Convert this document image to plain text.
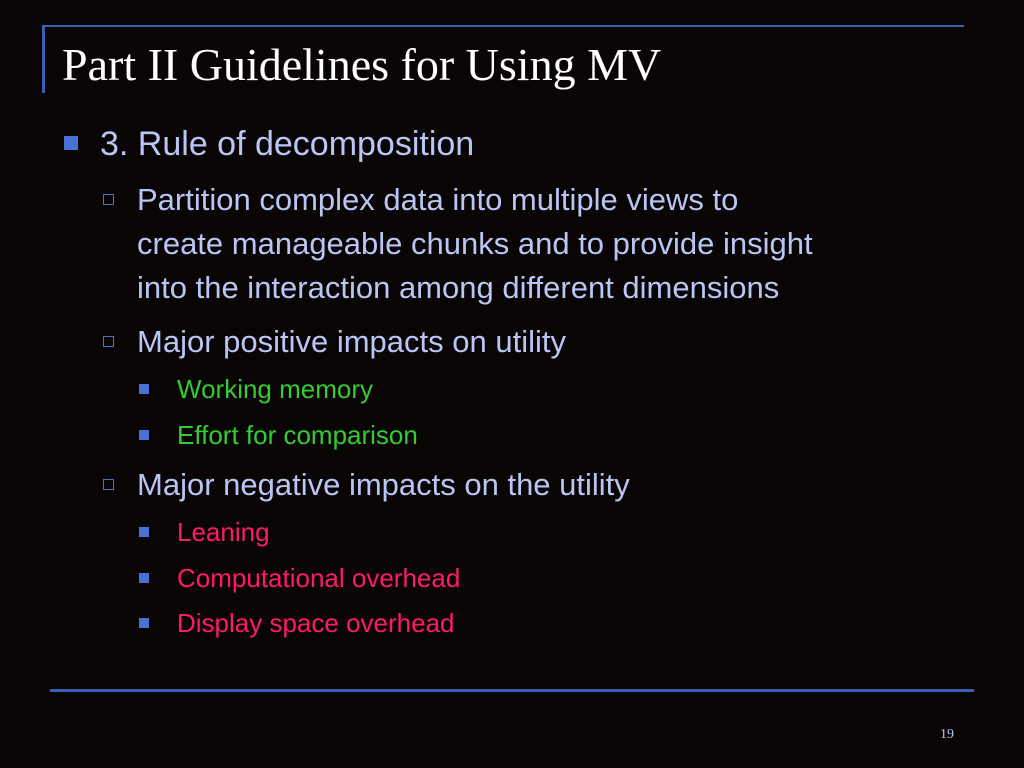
Part II Guidelines for Using MV
3. Rule of decomposition
Partition complex data into multiple views to
create manageable chunks and to provide insight
into the interaction among different dimensions
Major positive impacts on utility
Working memory
Effort for comparison
Major negative impacts on the utility
Leaning
Computational overhead
Display space overhead
19
